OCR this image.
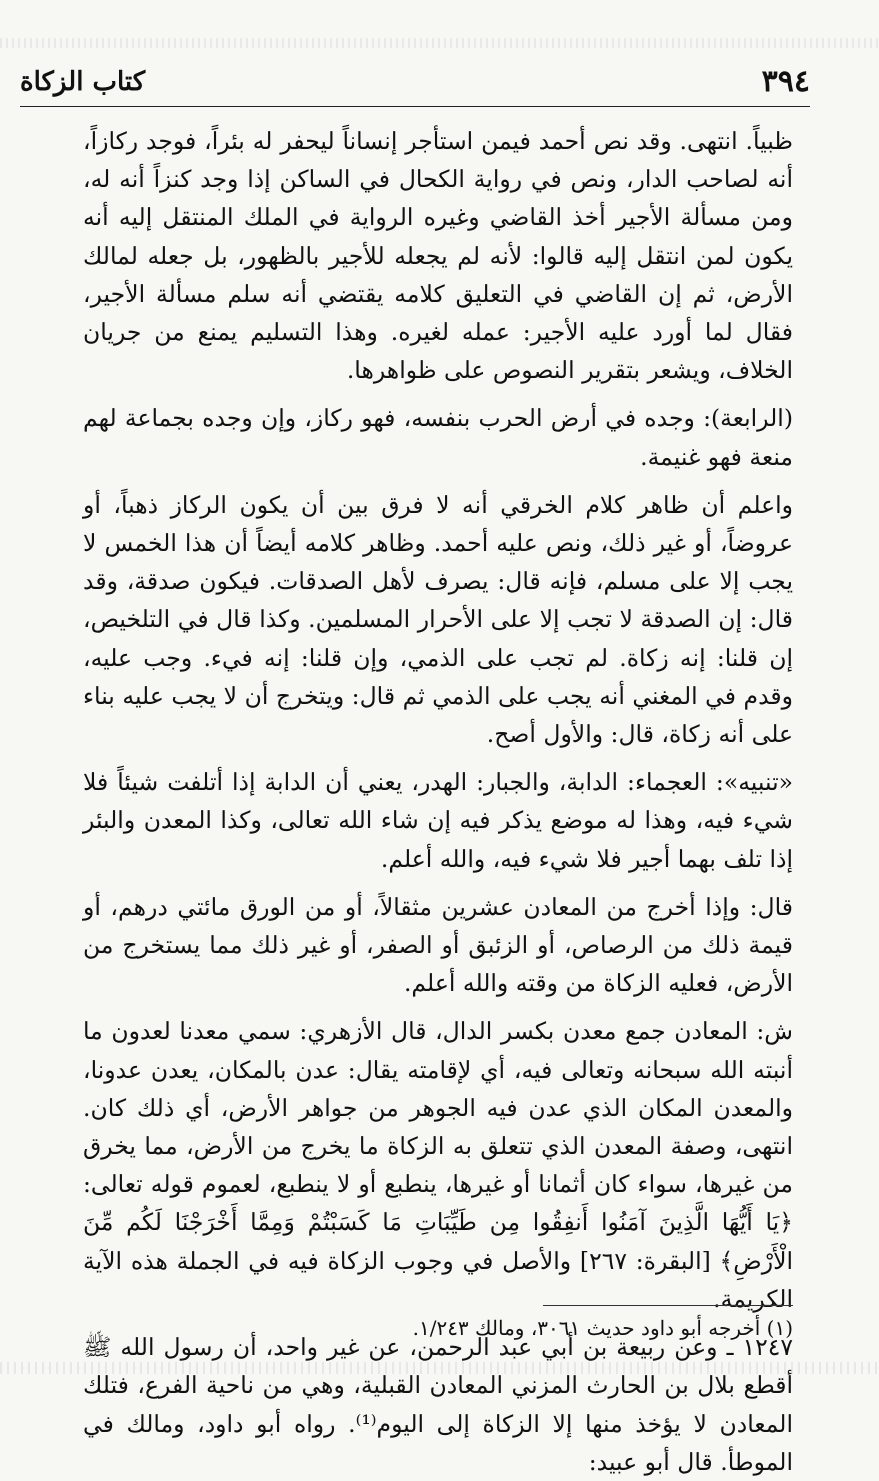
٣٩٤
كتاب الزكاة

ظبياً. انتهى. وقد نص أحمد فيمن استأجر إنساناً ليحفر له بئراً، فوجد ركازاً، أنه لصاحب الدار، ونص في رواية الكحال في الساكن إذا وجد كنزاً أنه له، ومن مسألة الأجير أخذ القاضي وغيره الرواية في الملك المنتقل إليه أنه يكون لمن انتقل إليه قالوا: لأنه لم يجعله للأجير بالظهور، بل جعله لمالك الأرض، ثم إن القاضي في التعليق كلامه يقتضي أنه سلم مسألة الأجير، فقال لما أورد عليه الأجير: عمله لغيره. وهذا التسليم يمنع من جريان الخلاف، ويشعر بتقرير النصوص على ظواهرها.

(الرابعة): وجده في أرض الحرب بنفسه، فهو ركاز، وإن وجده بجماعة لهم منعة فهو غنيمة.

واعلم أن ظاهر كلام الخرقي أنه لا فرق بين أن يكون الركاز ذهباً، أو عروضاً، أو غير ذلك، ونص عليه أحمد. وظاهر كلامه أيضاً أن هذا الخمس لا يجب إلا على مسلم، فإنه قال: يصرف لأهل الصدقات. فيكون صدقة، وقد قال: إن الصدقة لا تجب إلا على الأحرار المسلمين. وكذا قال في التلخيص، إن قلنا: إنه زكاة. لم تجب على الذمي، وإن قلنا: إنه فيء. وجب عليه، وقدم في المغني أنه يجب على الذمي ثم قال: ويتخرج أن لا يجب عليه بناء على أنه زكاة، قال: والأول أصح.

«تنبيه»: العجماء: الدابة، والجبار: الهدر، يعني أن الدابة إذا أتلفت شيئاً فلا شيء فيه، وهذا له موضع يذكر فيه إن شاء الله تعالى، وكذا المعدن والبئر إذا تلف بهما أجير فلا شيء فيه، والله أعلم.

قال: وإذا أخرج من المعادن عشرين مثقالاً، أو من الورق مائتي درهم، أو قيمة ذلك من الرصاص، أو الزئبق أو الصفر، أو غير ذلك مما يستخرج من الأرض، فعليه الزكاة من وقته والله أعلم.

ش: المعادن جمع معدن بكسر الدال، قال الأزهري: سمي معدنا لعدون ما أنبته الله سبحانه وتعالى فيه، أي لإقامته يقال: عدن بالمكان، يعدن عدونا، والمعدن المكان الذي عدن فيه الجوهر من جواهر الأرض، أي ذلك كان. انتهى، وصفة المعدن الذي تتعلق به الزكاة ما يخرج من الأرض، مما يخرق من غيرها، سواء كان أثمانا أو غيرها، ينطبع أو لا ينطبع، لعموم قوله تعالى: ﴿يَا أَيُّهَا الَّذِينَ آمَنُوا أَنفِقُوا مِن طَيِّبَاتِ مَا كَسَبْتُمْ وَمِمَّا أَخْرَجْنَا لَكُم مِّنَ الْأَرْضِ﴾ [البقرة: ٢٦٧] والأصل في وجوب الزكاة فيه في الجملة هذه الآية الكريمة.

١٢٤٧ ـ وعن ربيعة بن أبي عبد الرحمن، عن غير واحد، أن رسول الله ﷺ أقطع بلال بن الحارث المزني المعادن القبلية، وهي من ناحية الفرع، فتلك المعادن لا يؤخذ منها إلا الزكاة إلى اليوم⁽¹⁾. رواه أبو داود، ومالك في الموطأ. قال أبو عبيد:

(١) أخرجه أبو داود حديث ٣٠٦١، ومالك ١/٢٤٣.
